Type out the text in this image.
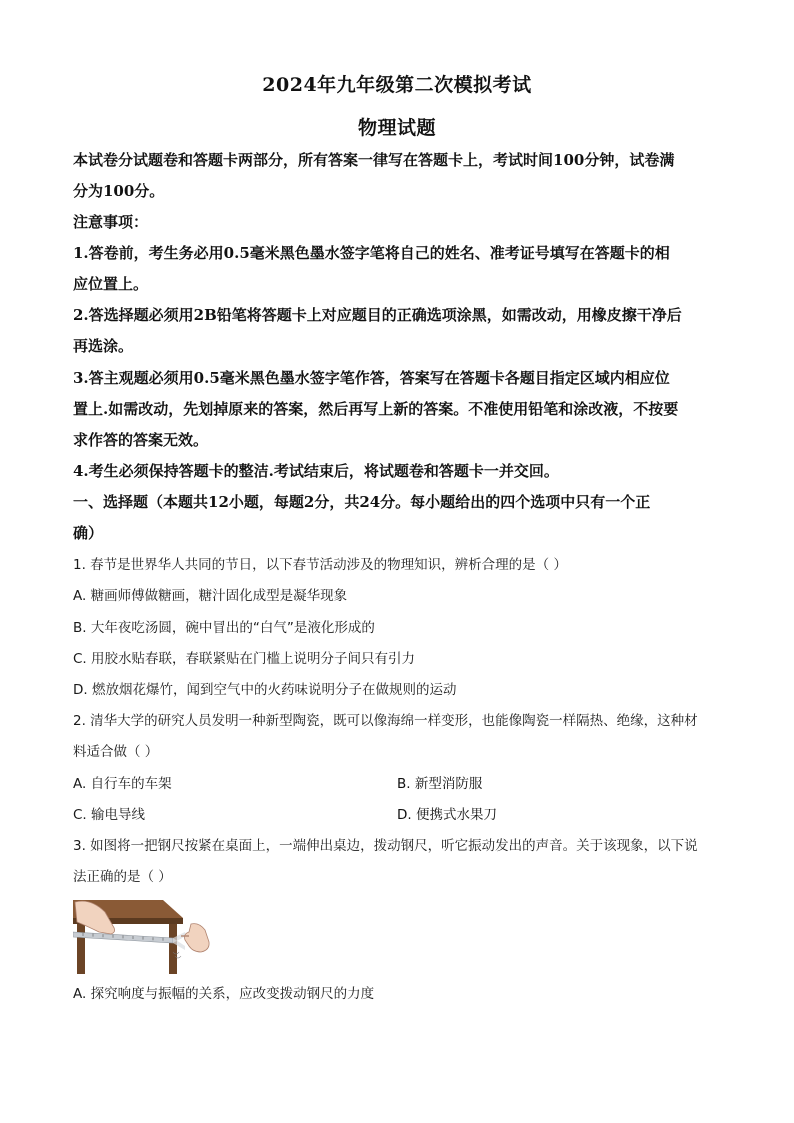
2024年九年级第二次模拟考试
物理试题
本试卷分试题卷和答题卡两部分，所有答案一律写在答题卡上，考试时间100分钟，试卷满
分为100分。
注意事项：
1.答卷前，考生务必用0.5毫米黑色墨水签字笔将自己的姓名、准考证号填写在答题卡的相
应位置上。
2.答选择题必须用2B铅笔将答题卡上对应题目的正确选项涂黑，如需改动，用橡皮擦干净后
再选涂。
3.答主观题必须用0.5毫米黑色墨水签字笔作答，答案写在答题卡各题目指定区域内相应位
置上.如需改动，先划掉原来的答案，然后再写上新的答案。不准使用铅笔和涂改液，不按要
求作答的答案无效。
4.考生必须保持答题卡的整洁.考试结束后，将试题卷和答题卡一并交回。
一、选择题（本题共12小题，每题2分，共24分。每小题给出的四个选项中只有一个正
确）
1. 春节是世界华人共同的节日，以下春节活动涉及的物理知识，辨析合理的是（ ）
A. 糖画师傅做糖画，糖汁固化成型是凝华现象
B. 大年夜吃汤圆，碗中冒出的“白气”是液化形成的
C. 用胶水贴春联，春联紧贴在门槛上说明分子间只有引力
D. 燃放烟花爆竹，闻到空气中的火药味说明分子在做规则的运动
2. 清华大学的研究人员发明一种新型陶瓷，既可以像海绵一样变形，也能像陶瓷一样隔热、绝缘，这种材
料适合做（ ）
A. 自行车的车架	B. 新型消防服
C. 输电导线	D. 便携式水果刀
3. 如图将一把钢尺按紧在桌面上，一端伸出桌边，拨动钢尺，听它振动发出的声音。关于该现象，以下说
法正确的是（ ）
A. 探究响度与振幅的关系，应改变拨动钢尺的力度
